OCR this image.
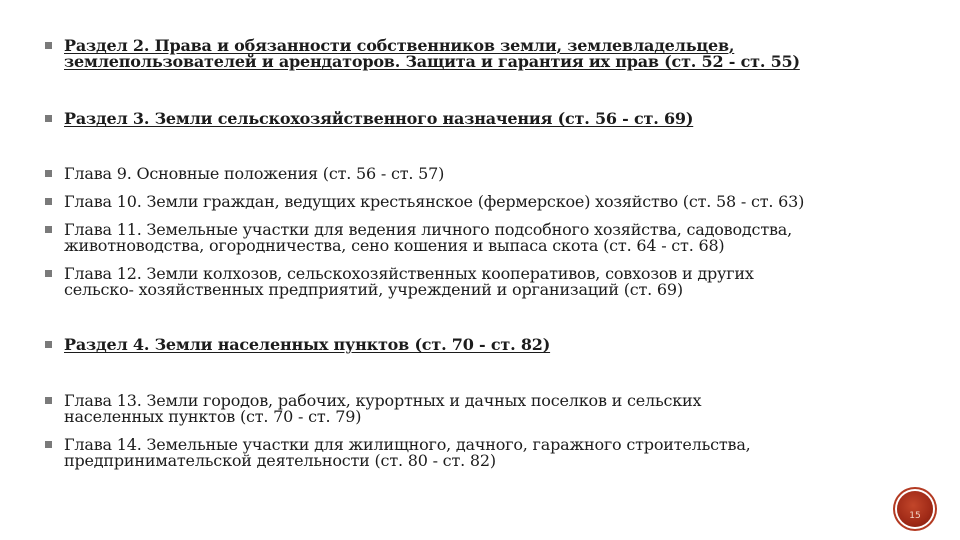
Раздел 2. Права и обязанности собственников земли, землевладельцев,
землепользователей и арендаторов. Защита и гарантия их прав (ст. 52 - ст. 55)
Раздел 3. Земли сельскохозяйственного назначения (ст. 56 - ст. 69)
Глава 9. Основные положения (ст. 56 - ст. 57)
Глава 10. Земли граждан, ведущих крестьянское (фермерское) хозяйство (ст. 58 - ст. 63)
Глава 11. Земельные участки для ведения личного подсобного хозяйства, садоводства,
животноводства, огородничества, сено кошения и выпаса скота (ст. 64 - ст. 68)
Глава 12. Земли колхозов, сельскохозяйственных кооперативов, совхозов и других
сельско- хозяйственных предприятий, учреждений и организаций (ст. 69)
Раздел 4. Земли населенных пунктов (ст. 70 - ст. 82)
Глава 13. Земли городов, рабочих, курортных и дачных поселков и сельских
населенных пунктов (ст. 70 - ст. 79)
Глава 14. Земельные участки для жилищного, дачного, гаражного строительства,
предпринимательской деятельности (ст. 80 - ст. 82)
15
